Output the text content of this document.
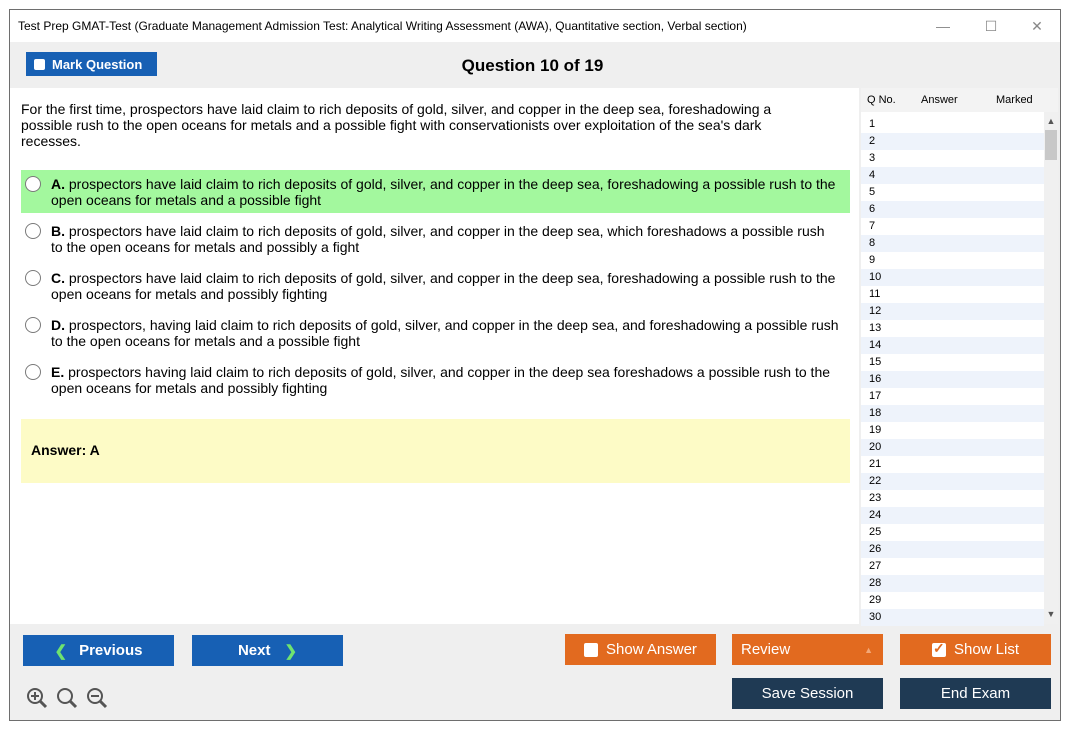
Test Prep GMAT-Test (Graduate Management Admission Test: Analytical Writing Assessment (AWA), Quantitative section, Verbal section)	—	☐	✕
Mark Question	Question 10 of 19
For the first time, prospectors have laid claim to rich deposits of gold, silver, and copper in the deep sea, foreshadowing a possible rush to the open oceans for metals and a possible fight with conservationists over exploitation of the sea's dark recesses.
A. prospectors have laid claim to rich deposits of gold, silver, and copper in the deep sea, foreshadowing a possible rush to the open oceans for metals and a possible fight
B. prospectors have laid claim to rich deposits of gold, silver, and copper in the deep sea, which foreshadows a possible rush to the open oceans for metals and possibly a fight
C. prospectors have laid claim to rich deposits of gold, silver, and copper in the deep sea, foreshadowing a possible rush to the open oceans for metals and possibly fighting
D. prospectors, having laid claim to rich deposits of gold, silver, and copper in the deep sea, and foreshadowing a possible rush to the open oceans for metals and a possible fight
E. prospectors having laid claim to rich deposits of gold, silver, and copper in the deep sea foreshadows a possible rush to the open oceans for metals and possibly fighting
Answer: A
Q No. Answer	Marked
1
2
3
4
5
6
7
8
9
10
11
12
13
14
15
16
17
18
19
20
21
22
23
24
25
26
27
28
29
30
▲
▼
❮ Previous	Next ❯	Show Answer	Review	▲
✓	Show List
Save Session	End Exam
